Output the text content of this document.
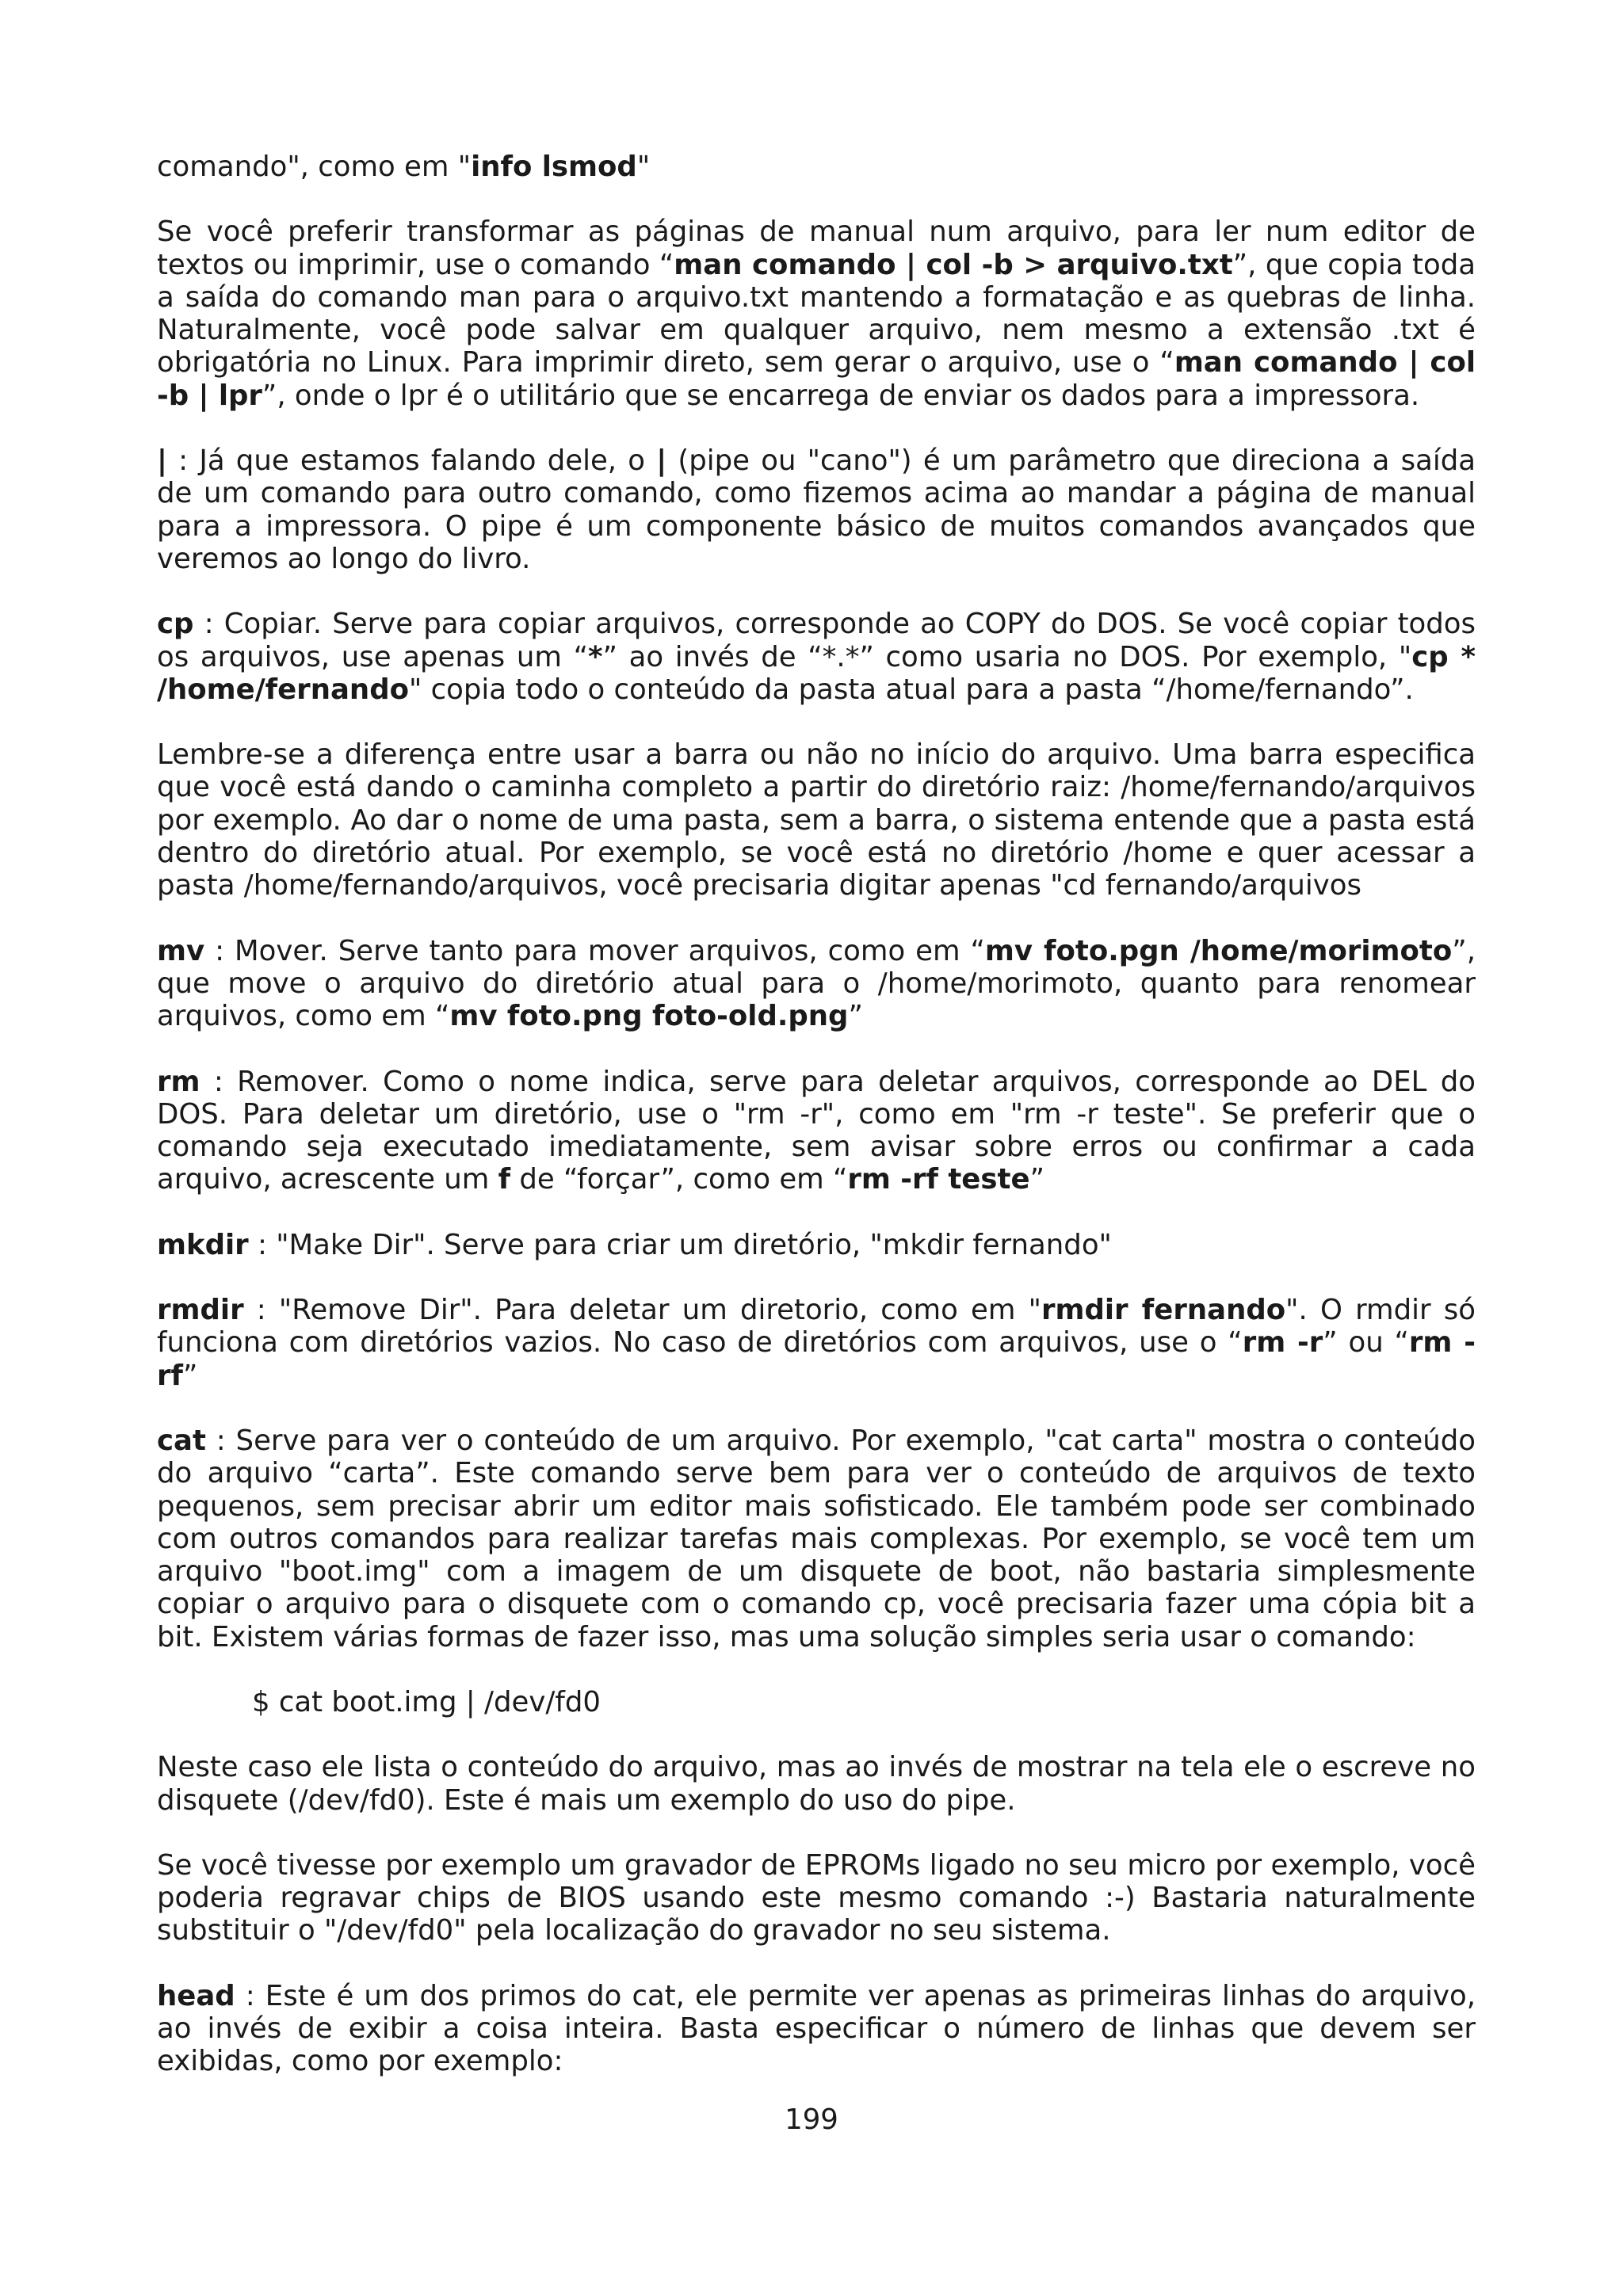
comando", como em "info lsmod"

Se você preferir transformar as páginas de manual num arquivo, para ler num editor de textos ou imprimir, use o comando “man comando | col -b > arquivo.txt”, que copia toda a saída do comando man para o arquivo.txt mantendo a formatação e as quebras de linha. Naturalmente, você pode salvar em qualquer arquivo, nem mesmo a extensão .txt é obrigatória no Linux. Para imprimir direto, sem gerar o arquivo, use o “man comando | col -b | lpr”, onde o lpr é o utilitário que se encarrega de enviar os dados para a impressora.

| : Já que estamos falando dele, o | (pipe ou "cano") é um parâmetro que direciona a saída de um comando para outro comando, como fizemos acima ao mandar a página de manual para a impressora. O pipe é um componente básico de muitos comandos avançados que veremos ao longo do livro.

cp : Copiar. Serve para copiar arquivos, corresponde ao COPY do DOS. Se você copiar todos os arquivos, use apenas um “*” ao invés de “*.*” como usaria no DOS. Por exemplo, "cp * /home/fernando" copia todo o conteúdo da pasta atual para a pasta “/home/fernando”.

Lembre-se a diferença entre usar a barra ou não no início do arquivo. Uma barra especifica que você está dando o caminha completo a partir do diretório raiz: /home/fernando/arquivos por exemplo. Ao dar o nome de uma pasta, sem a barra, o sistema entende que a pasta está dentro do diretório atual. Por exemplo, se você está no diretório /home e quer acessar a pasta /home/fernando/arquivos, você precisaria digitar apenas "cd fernando/arquivos

mv : Mover. Serve tanto para mover arquivos, como em “mv foto.pgn /home/morimoto”, que move o arquivo do diretório atual para o /home/morimoto, quanto para renomear arquivos, como em “mv foto.png foto-old.png”

rm : Remover. Como o nome indica, serve para deletar arquivos, corresponde ao DEL do DOS. Para deletar um diretório, use o "rm -r", como em "rm -r teste". Se preferir que o comando seja executado imediatamente, sem avisar sobre erros ou confirmar a cada arquivo, acrescente um f de “forçar”, como em “rm -rf teste”

mkdir : "Make Dir". Serve para criar um diretório, "mkdir fernando"

rmdir : "Remove Dir". Para deletar um diretorio, como em "rmdir fernando". O rmdir só funciona com diretórios vazios. No caso de diretórios com arquivos, use o “rm -r” ou “rm -rf”

cat : Serve para ver o conteúdo de um arquivo. Por exemplo, "cat carta" mostra o conteúdo do arquivo “carta”. Este comando serve bem para ver o conteúdo de arquivos de texto pequenos, sem precisar abrir um editor mais sofisticado. Ele também pode ser combinado com outros comandos para realizar tarefas mais complexas. Por exemplo, se você tem um arquivo "boot.img" com a imagem de um disquete de boot, não bastaria simplesmente copiar o arquivo para o disquete com o comando cp, você precisaria fazer uma cópia bit a bit. Existem várias formas de fazer isso, mas uma solução simples seria usar o comando:

$ cat boot.img | /dev/fd0

Neste caso ele lista o conteúdo do arquivo, mas ao invés de mostrar na tela ele o escreve no disquete (/dev/fd0). Este é mais um exemplo do uso do pipe.

Se você tivesse por exemplo um gravador de EPROMs ligado no seu micro por exemplo, você poderia regravar chips de BIOS usando este mesmo comando :-) Bastaria naturalmente substituir o "/dev/fd0" pela localização do gravador no seu sistema.

head : Este é um dos primos do cat, ele permite ver apenas as primeiras linhas do arquivo, ao invés de exibir a coisa inteira. Basta especificar o número de linhas que devem ser exibidas, como por exemplo:

199
